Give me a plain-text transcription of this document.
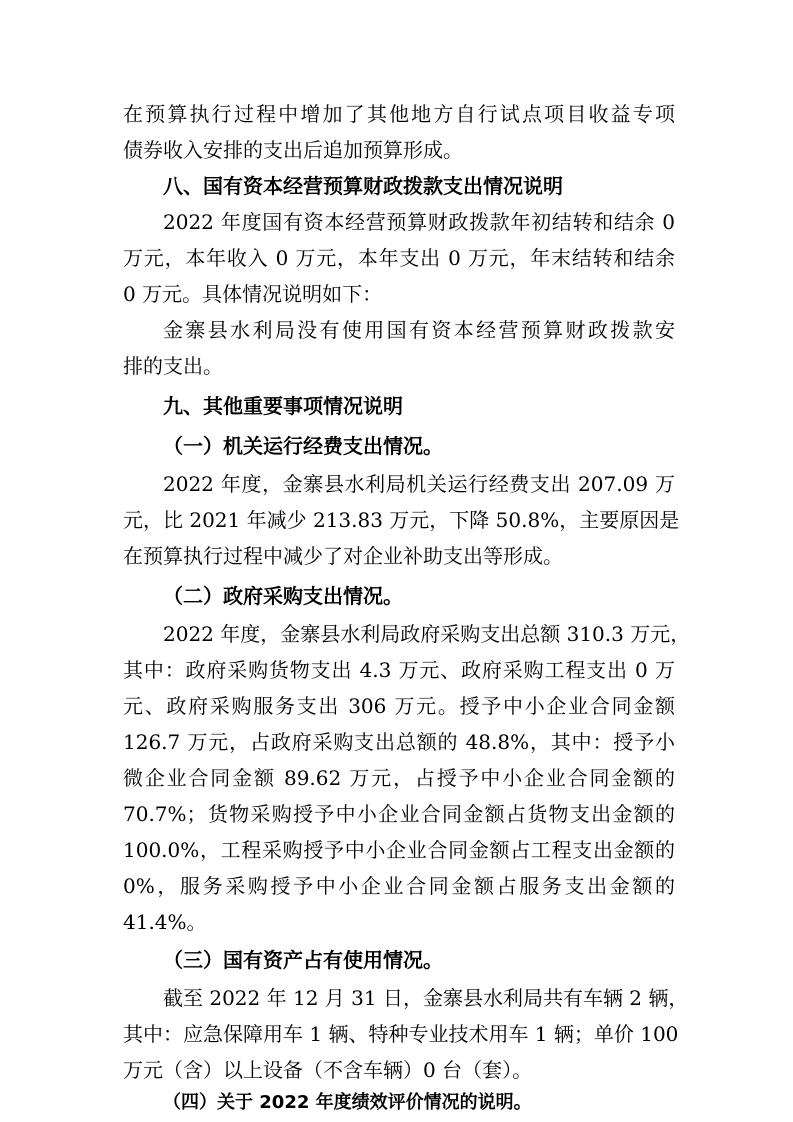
在预算执行过程中增加了其他地方自行试点项目收益专项
债券收入安排的支出后追加预算形成。
八、国有资本经营预算财政拨款支出情况说明
2022 年度国有资本经营预算财政拨款年初结转和结余 0
万元，本年收入 0 万元，本年支出 0 万元，年末结转和结余
0 万元。具体情况说明如下：
金寨县水利局没有使用国有资本经营预算财政拨款安
排的支出。
九、其他重要事项情况说明
（一）机关运行经费支出情况。
2022 年度，金寨县水利局机关运行经费支出 207.09 万
元，比 2021 年减少 213.83 万元，下降 50.8%，主要原因是
在预算执行过程中减少了对企业补助支出等形成。
（二）政府采购支出情况。
2022 年度，金寨县水利局政府采购支出总额 310.3 万元，
其中：政府采购货物支出 4.3 万元、政府采购工程支出 0 万
元、政府采购服务支出 306 万元。授予中小企业合同金额
126.7 万元，占政府采购支出总额的 48.8%，其中：授予小
微企业合同金额 89.62 万元，占授予中小企业合同金额的
70.7%；货物采购授予中小企业合同金额占货物支出金额的
100.0%，工程采购授予中小企业合同金额占工程支出金额的
0%，服务采购授予中小企业合同金额占服务支出金额的
41.4%。
（三）国有资产占有使用情况。
截至 2022 年 12 月 31 日，金寨县水利局共有车辆 2 辆，
其中：应急保障用车 1 辆、特种专业技术用车 1 辆；单价 100
万元（含）以上设备（不含车辆）0 台（套）。
（四）关于 2022 年度绩效评价情况的说明。
